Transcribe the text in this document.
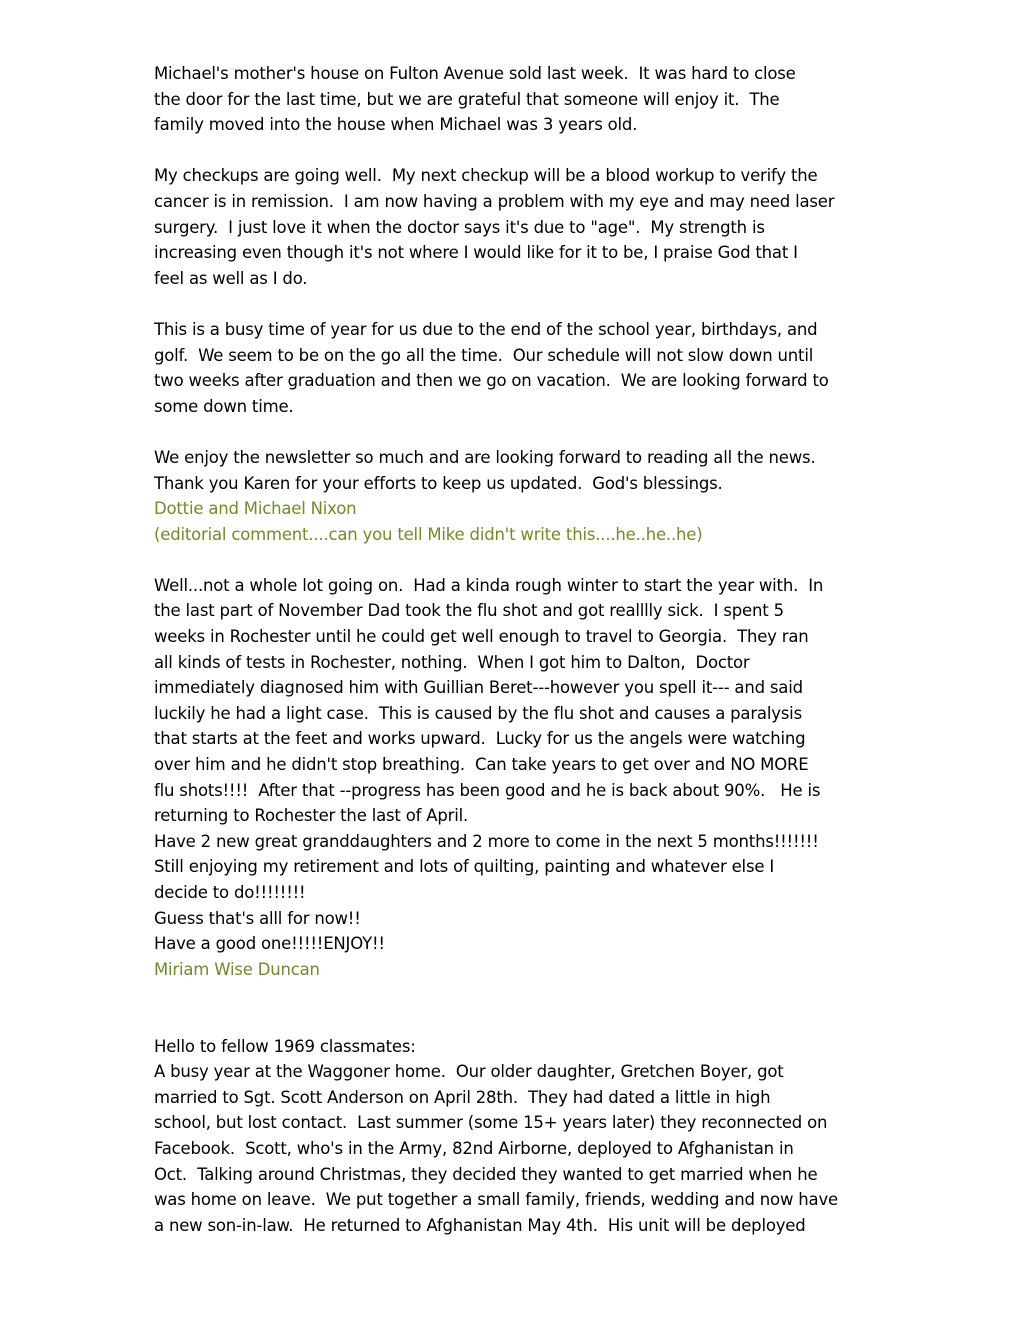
Michael's mother's house on Fulton Avenue sold last week.  It was hard to close
the door for the last time, but we are grateful that someone will enjoy it.  The
family moved into the house when Michael was 3 years old.
My checkups are going well.  My next checkup will be a blood workup to verify the
cancer is in remission.  I am now having a problem with my eye and may need laser
surgery.  I just love it when the doctor says it's due to "age".  My strength is
increasing even though it's not where I would like for it to be, I praise God that I
feel as well as I do.
This is a busy time of year for us due to the end of the school year, birthdays, and
golf.  We seem to be on the go all the time.  Our schedule will not slow down until
two weeks after graduation and then we go on vacation.  We are looking forward to
some down time.
We enjoy the newsletter so much and are looking forward to reading all the news.
Thank you Karen for your efforts to keep us updated.  God's blessings.
Dottie and Michael Nixon
(editorial comment....can you tell Mike didn't write this....he..he..he)
Well...not a whole lot going on.  Had a kinda rough winter to start the year with.  In
the last part of November Dad took the flu shot and got realllly sick.  I spent 5
weeks in Rochester until he could get well enough to travel to Georgia.  They ran
all kinds of tests in Rochester, nothing.  When I got him to Dalton,  Doctor
immediately diagnosed him with Guillian Beret---however you spell it--- and said
luckily he had a light case.  This is caused by the flu shot and causes a paralysis
that starts at the feet and works upward.  Lucky for us the angels were watching
over him and he didn't stop breathing.  Can take years to get over and NO MORE
flu shots!!!!  After that --progress has been good and he is back about 90%.   He is
returning to Rochester the last of April.
Have 2 new great granddaughters and 2 more to come in the next 5 months!!!!!!!
Still enjoying my retirement and lots of quilting, painting and whatever else I
decide to do!!!!!!!!
Guess that's alll for now!!
Have a good one!!!!!ENJOY!!
Miriam Wise Duncan
Hello to fellow 1969 classmates:
A busy year at the Waggoner home.  Our older daughter, Gretchen Boyer, got
married to Sgt. Scott Anderson on April 28th.  They had dated a little in high
school, but lost contact.  Last summer (some 15+ years later) they reconnected on
Facebook.  Scott, who's in the Army, 82nd Airborne, deployed to Afghanistan in
Oct.  Talking around Christmas, they decided they wanted to get married when he
was home on leave.  We put together a small family, friends, wedding and now have
a new son-in-law.  He returned to Afghanistan May 4th.  His unit will be deployed
